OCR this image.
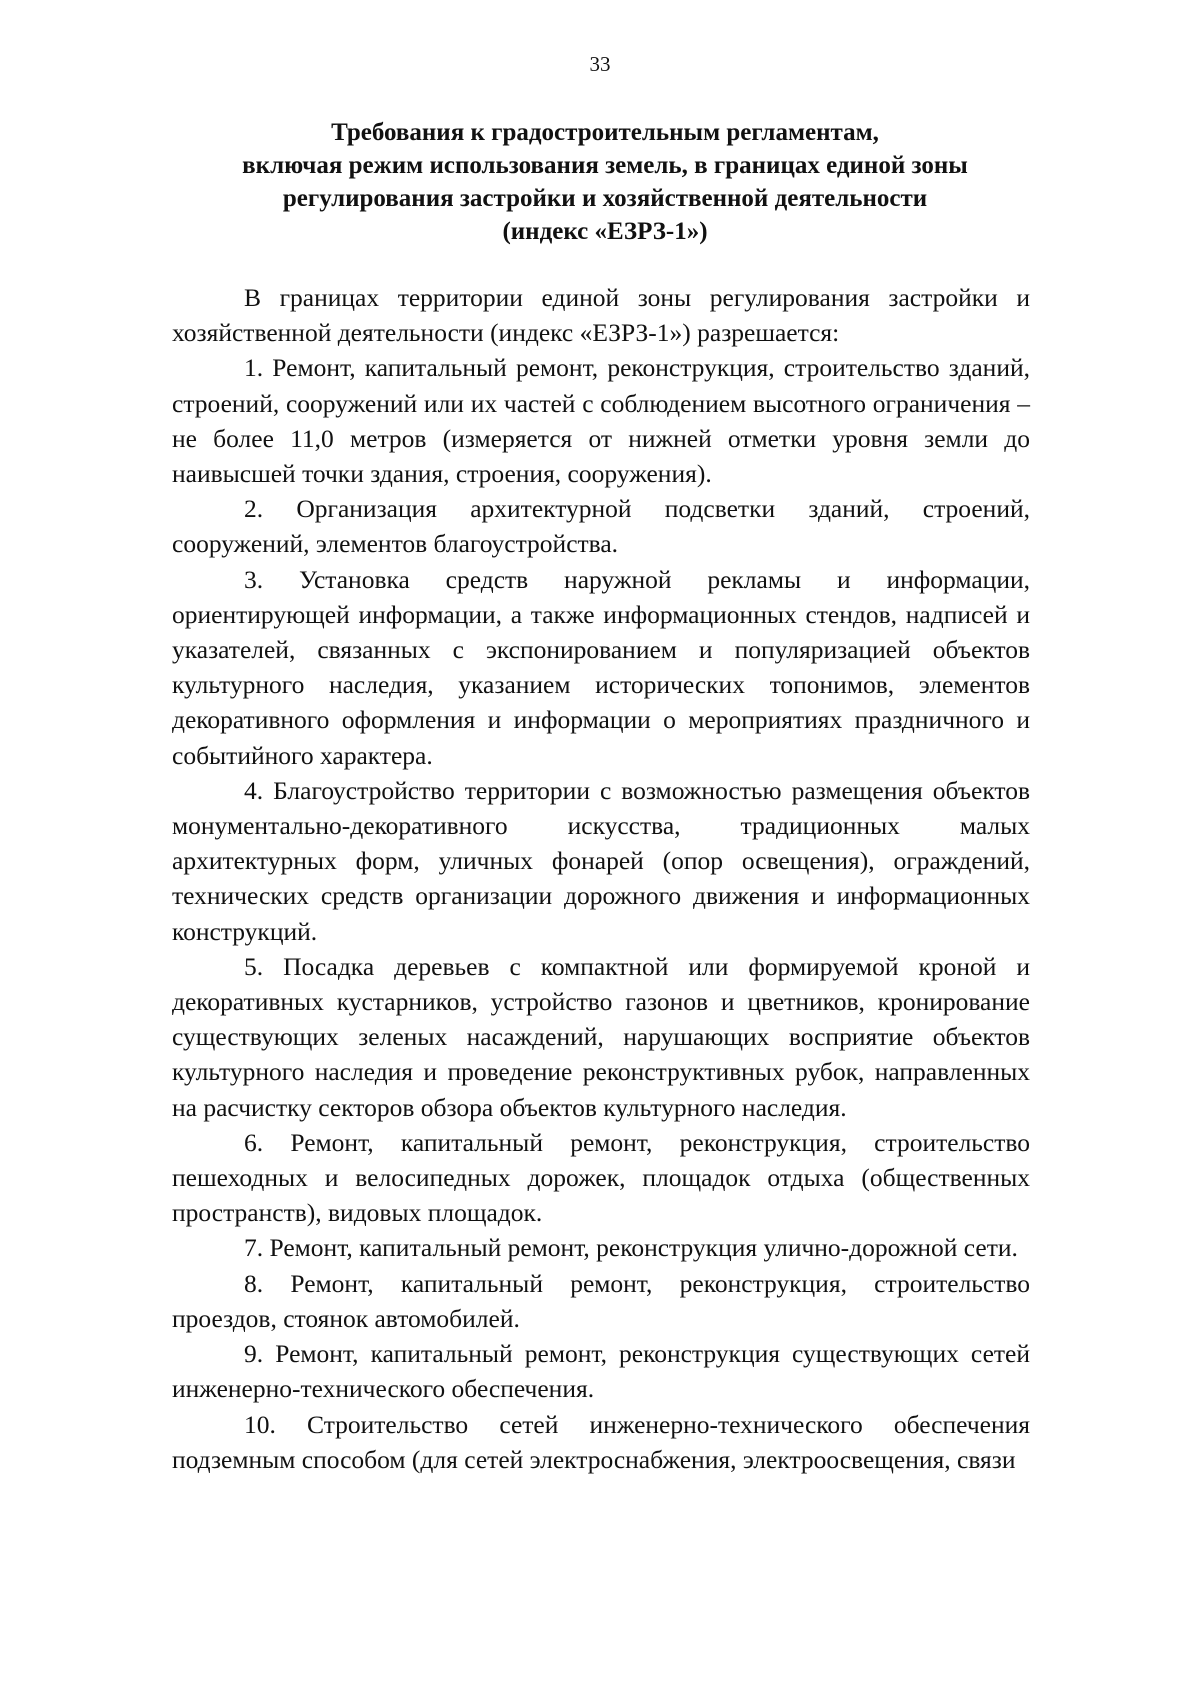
33
Требования к градостроительным регламентам,
включая режим использования земель, в границах единой зоны
регулирования застройки и хозяйственной деятельности
(индекс «ЕЗРЗ-1»)

В границах территории единой зоны регулирования застройки и хозяйственной деятельности (индекс «ЕЗРЗ-1») разрешается:

1. Ремонт, капитальный ремонт, реконструкция, строительство зданий, строений, сооружений или их частей с соблюдением высотного ограничения – не более 11,0 метров (измеряется от нижней отметки уровня земли до наивысшей точки здания, строения, сооружения).

2. Организация архитектурной подсветки зданий, строений, сооружений, элементов благоустройства.

3. Установка средств наружной рекламы и информации, ориентирующей информации, а также информационных стендов, надписей и указателей, связанных с экспонированием и популяризацией объектов культурного наследия, указанием исторических топонимов, элементов декоративного оформления и информации о мероприятиях праздничного и событийного характера.

4. Благоустройство территории с возможностью размещения объектов монументально-декоративного искусства, традиционных малых архитектурных форм, уличных фонарей (опор освещения), ограждений, технических средств организации дорожного движения и информационных конструкций.

5. Посадка деревьев с компактной или формируемой кроной и декоративных кустарников, устройство газонов и цветников, кронирование существующих зеленых насаждений, нарушающих восприятие объектов культурного наследия и проведение реконструктивных рубок, направленных на расчистку секторов обзора объектов культурного наследия.

6. Ремонт, капитальный ремонт, реконструкция, строительство пешеходных и велосипедных дорожек, площадок отдыха (общественных пространств), видовых площадок.

7. Ремонт, капитальный ремонт, реконструкция улично-дорожной сети.

8. Ремонт, капитальный ремонт, реконструкция, строительство проездов, стоянок автомобилей.

9. Ремонт, капитальный ремонт, реконструкция существующих сетей инженерно-технического обеспечения.

10. Строительство сетей инженерно-технического обеспечения подземным способом (для сетей электроснабжения, электроосвещения, связи
